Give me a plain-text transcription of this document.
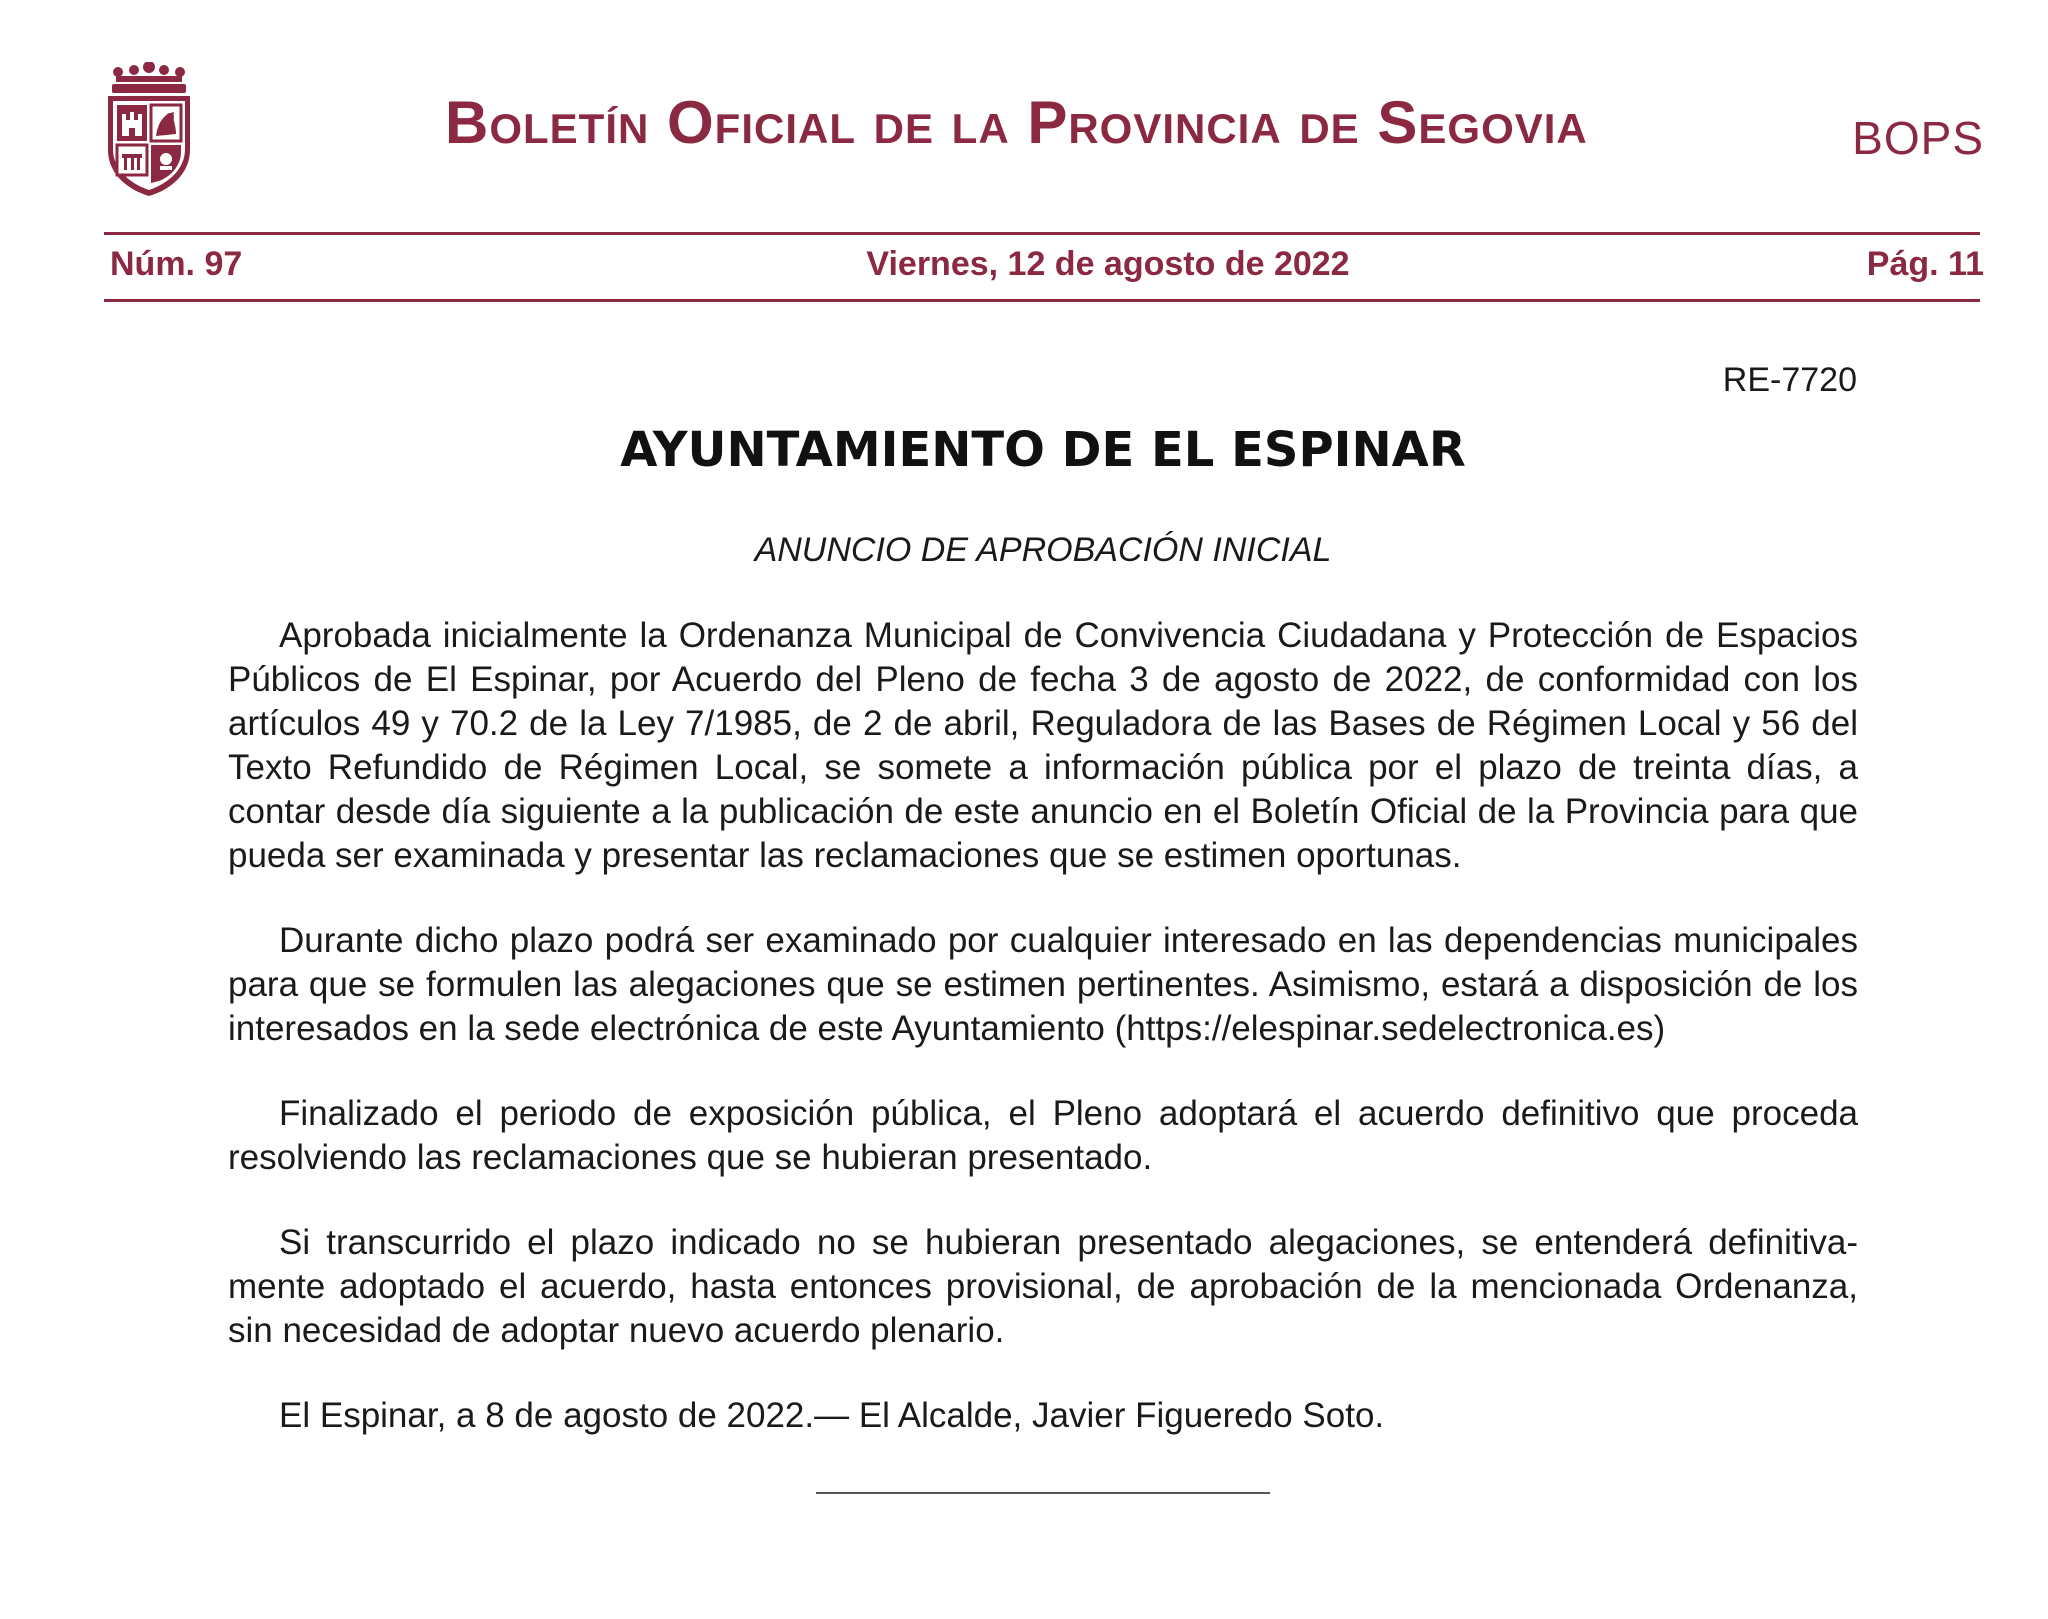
Boletín Oficial de la Provincia de Segovia	BOPS
Núm. 97	Viernes, 12 de agosto de 2022	Pág. 11
RE-7720
AYUNTAMIENTO DE EL ESPINAR
ANUNCIO DE APROBACIÓN INICIAL

Aprobada inicialmente la Ordenanza Municipal de Convivencia Ciudadana y Protección de Espacios Públicos de El Espinar, por Acuerdo del Pleno de fecha 3 de agosto de 2022, de conformidad con los artículos 49 y 70.2 de la Ley 7/1985, de 2 de abril, Reguladora de las Bases de Régimen Local y 56 del Texto Refundido de Régimen Local, se somete a información pública por el plazo de treinta días, a contar desde día siguiente a la publicación de este anuncio en el Boletín Oficial de la Provincia para que pueda ser examinada y presentar las reclamaciones que se estimen oportunas.

Durante dicho plazo podrá ser examinado por cualquier interesado en las dependencias municipales para que se formulen las alegaciones que se estimen pertinentes. Asimismo, estará a disposición de los interesados en la sede electrónica de este Ayuntamiento (https://elespinar.sedelectronica.es)

Finalizado el periodo de exposición pública, el Pleno adoptará el acuerdo definitivo que proceda resolviendo las reclamaciones que se hubieran presentado.

Si transcurrido el plazo indicado no se hubieran presentado alegaciones, se entenderá definitivamente adoptado el acuerdo, hasta entonces provisional, de aprobación de la mencionada Ordenanza, sin necesidad de adoptar nuevo acuerdo plenario.

El Espinar, a 8 de agosto de 2022.— El Alcalde, Javier Figueredo Soto.
